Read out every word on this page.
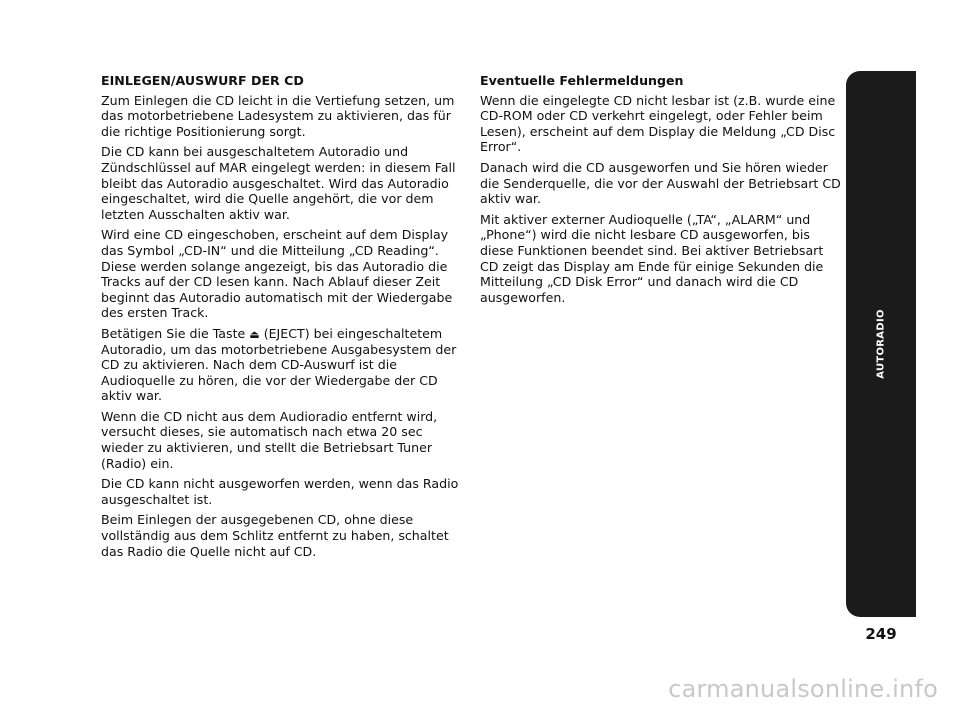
EINLEGEN/AUSWURF DER CD

Zum Einlegen die CD leicht in die Vertiefung setzen, um das motorbetriebene Ladesystem zu aktivieren, das für die richtige Positionierung sorgt.

Die CD kann bei ausgeschaltetem Autoradio und Zündschlüssel auf MAR eingelegt werden: in diesem Fall bleibt das Autoradio ausgeschaltet. Wird das Autoradio eingeschaltet, wird die Quelle angehört, die vor dem letzten Ausschalten aktiv war.

Wird eine CD eingeschoben, erscheint auf dem Display das Symbol „CD-IN“ und die Mitteilung „CD Reading“. Diese werden solange angezeigt, bis das Autoradio die Tracks auf der CD lesen kann. Nach Ablauf dieser Zeit beginnt das Autoradio automatisch mit der Wiedergabe des ersten Track.

Betätigen Sie die Taste ⏏ (EJECT) bei eingeschaltetem Autoradio, um das motorbetriebene Ausgabesystem der CD zu aktivieren. Nach dem CD-Auswurf ist die Audioquelle zu hören, die vor der Wiedergabe der CD aktiv war.

Wenn die CD nicht aus dem Audioradio entfernt wird, versucht dieses, sie automatisch nach etwa 20 sec wieder zu aktivieren, und stellt die Betriebsart Tuner (Radio) ein.

Die CD kann nicht ausgeworfen werden, wenn das Radio ausgeschaltet ist.

Beim Einlegen der ausgegebenen CD, ohne diese vollständig aus dem Schlitz entfernt zu haben, schaltet das Radio die Quelle nicht auf CD.

Eventuelle Fehlermeldungen

Wenn die eingelegte CD nicht lesbar ist (z.B. wurde eine CD-ROM oder CD verkehrt eingelegt, oder Fehler beim Lesen), erscheint auf dem Display die Meldung „CD Disc Error“.

Danach wird die CD ausgeworfen und Sie hören wieder die Senderquelle, die vor der Auswahl der Betriebsart CD aktiv war.

Mit aktiver externer Audioquelle („TA“, „ALARM“ und „Phone“) wird die nicht lesbare CD ausgeworfen, bis diese Funktionen beendet sind. Bei aktiver Betriebsart CD zeigt das Display am Ende für einige Sekunden die Mitteilung „CD Disk Error“ und danach wird die CD ausgeworfen.

AUTORADIO
249
carmanualsonline.info
